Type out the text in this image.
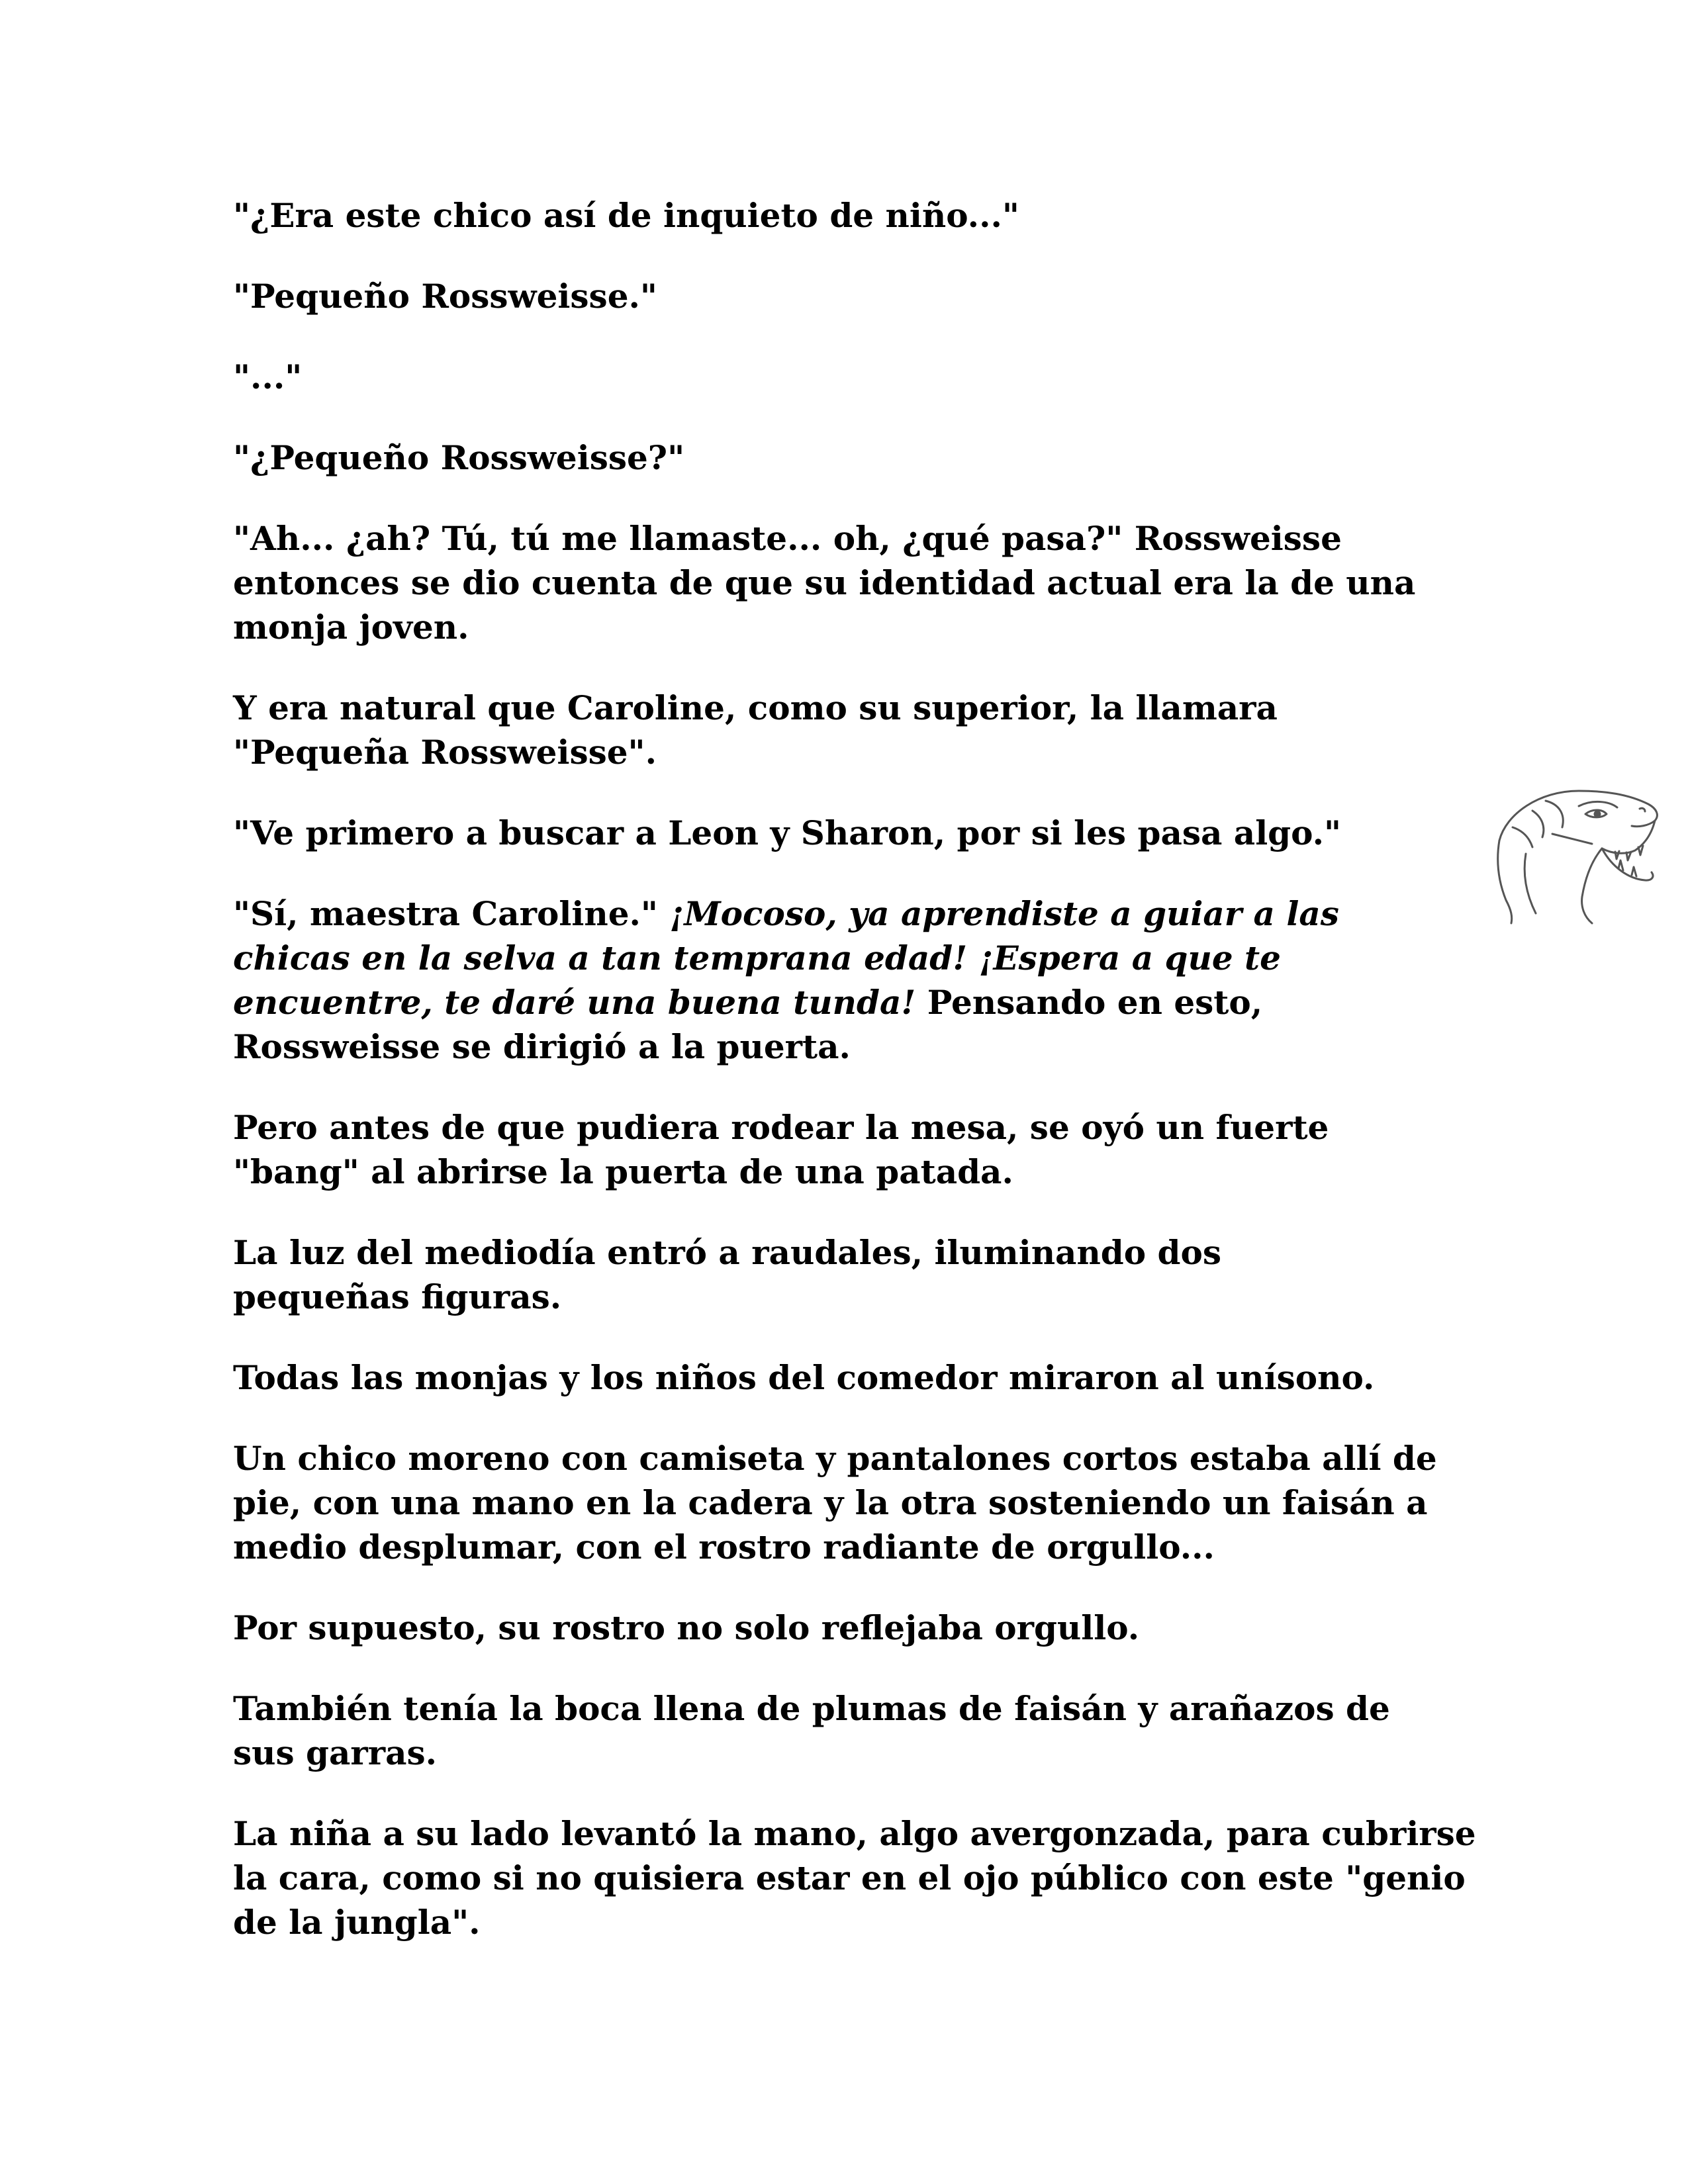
"¿Era este chico así de inquieto de niño..."

"Pequeño Rossweisse."

"..."

"¿Pequeño Rossweisse?"

"Ah... ¿ah? Tú, tú me llamaste... oh, ¿qué pasa?" Rossweisse entonces se dio cuenta de que su identidad actual era la de una monja joven.

Y era natural que Caroline, como su superior, la llamara "Pequeña Rossweisse".

"Ve primero a buscar a Leon y Sharon, por si les pasa algo."

"Sí, maestra Caroline." ¡Mocoso, ya aprendiste a guiar a las chicas en la selva a tan temprana edad! ¡Espera a que te encuentre, te daré una buena tunda! Pensando en esto, Rossweisse se dirigió a la puerta.

Pero antes de que pudiera rodear la mesa, se oyó un fuerte "bang" al abrirse la puerta de una patada.

La luz del mediodía entró a raudales, iluminando dos pequeñas figuras.

Todas las monjas y los niños del comedor miraron al unísono.

Un chico moreno con camiseta y pantalones cortos estaba allí de pie, con una mano en la cadera y la otra sosteniendo un faisán a medio desplumar, con el rostro radiante de orgullo...

Por supuesto, su rostro no solo reflejaba orgullo.

También tenía la boca llena de plumas de faisán y arañazos de sus garras.

La niña a su lado levantó la mano, algo avergonzada, para cubrirse la cara, como si no quisiera estar en el ojo público con este "genio de la jungla".
